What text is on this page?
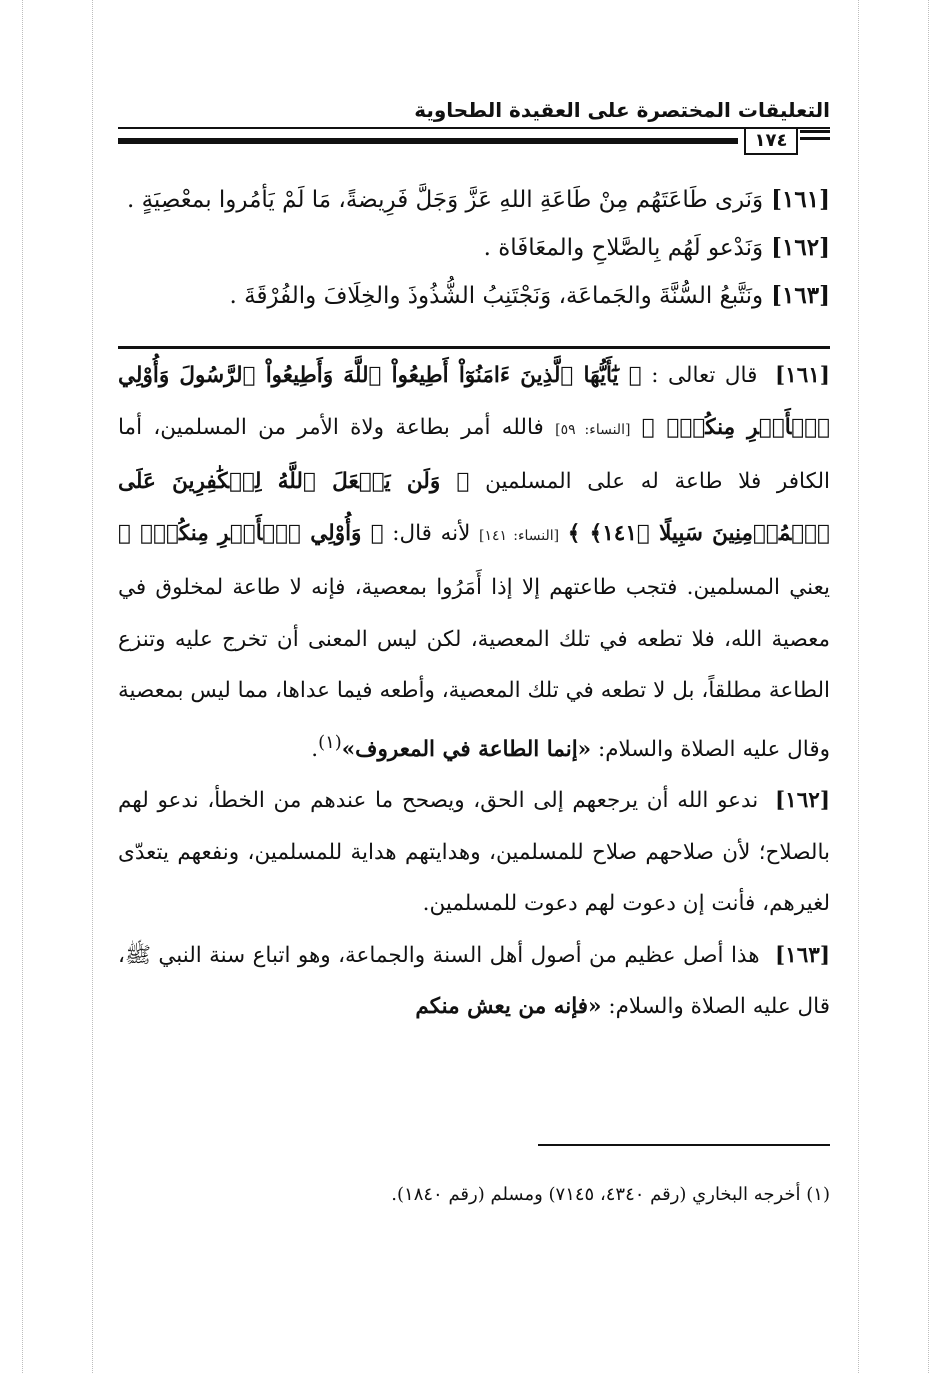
التعليقات المختصرة على العقيدة الطحاوية
١٧٤
[١٦١]وَنَرى طَاعَتَهُم مِنْ طَاعَةِ اللهِ عَزَّ وَجَلَّ فَرِيضةً، مَا لَمْ يَأمُروا بمعْصِيَةٍ .
[١٦٢]وَنَدْعو لَهُم بِالصَّلاحِ والمعَافَاة .
[١٦٣]ونَتَّبعُ السُّنَّةَ والجَماعَة، وَنَجْتَنِبُ الشُّذُوذَ والخِلَافَ والفُرْقَةَ .

[١٦١] قال تعالى : ﴿ يَٰٓأَيُّهَا ٱلَّذِينَ ءَامَنُوٓاْ أَطِيعُواْ ٱللَّهَ وَأَطِيعُواْ ٱلرَّسُولَ وَأُوْلِي ٱلۡأَمۡرِ مِنكُمۡۖ ﴾ [النساء: ٥٩] فالله أمر بطاعة ولاة الأمر من المسلمين، أما الكافر فلا طاعة له على المسلمين ﴿ وَلَن يَجۡعَلَ ٱللَّهُ لِلۡكَٰفِرِينَ عَلَى ٱلۡمُؤۡمِنِينَ سَبِيلًا ﴿١٤١﴾ ﴾ [النساء: ١٤١] لأنه قال: ﴿ وَأُوْلِي ٱلۡأَمۡرِ مِنكُمۡۖ ﴾ يعني المسلمين. فتجب طاعتهم إلا إذا أَمَرُوا بمعصية، فإنه لا طاعة لمخلوق في معصية الله، فلا تطعه في تلك المعصية، لكن ليس المعنى أن تخرج عليه وتنزع الطاعة مطلقاً، بل لا تطعه في تلك المعصية، وأطعه فيما عداها، مما ليس بمعصية وقال عليه الصلاة والسلام: «إنما الطاعة في المعروف»$^{(١)}$.

[١٦٢] ندعو الله أن يرجعهم إلى الحق، ويصحح ما عندهم من الخطأ، ندعو لهم بالصلاح؛ لأن صلاحهم صلاح للمسلمين، وهدايتهم هداية للمسلمين، ونفعهم يتعدّى لغيرهم، فأنت إن دعوت لهم دعوت للمسلمين.

[١٦٣] هذا أصل عظيم من أصول أهل السنة والجماعة، وهو اتباع سنة النبي ﷺ، قال عليه الصلاة والسلام: «فإنه من يعش منكم

(١) أخرجه البخاري (رقم ٤٣٤٠، ٧١٤٥) ومسلم (رقم ١٨٤٠).
